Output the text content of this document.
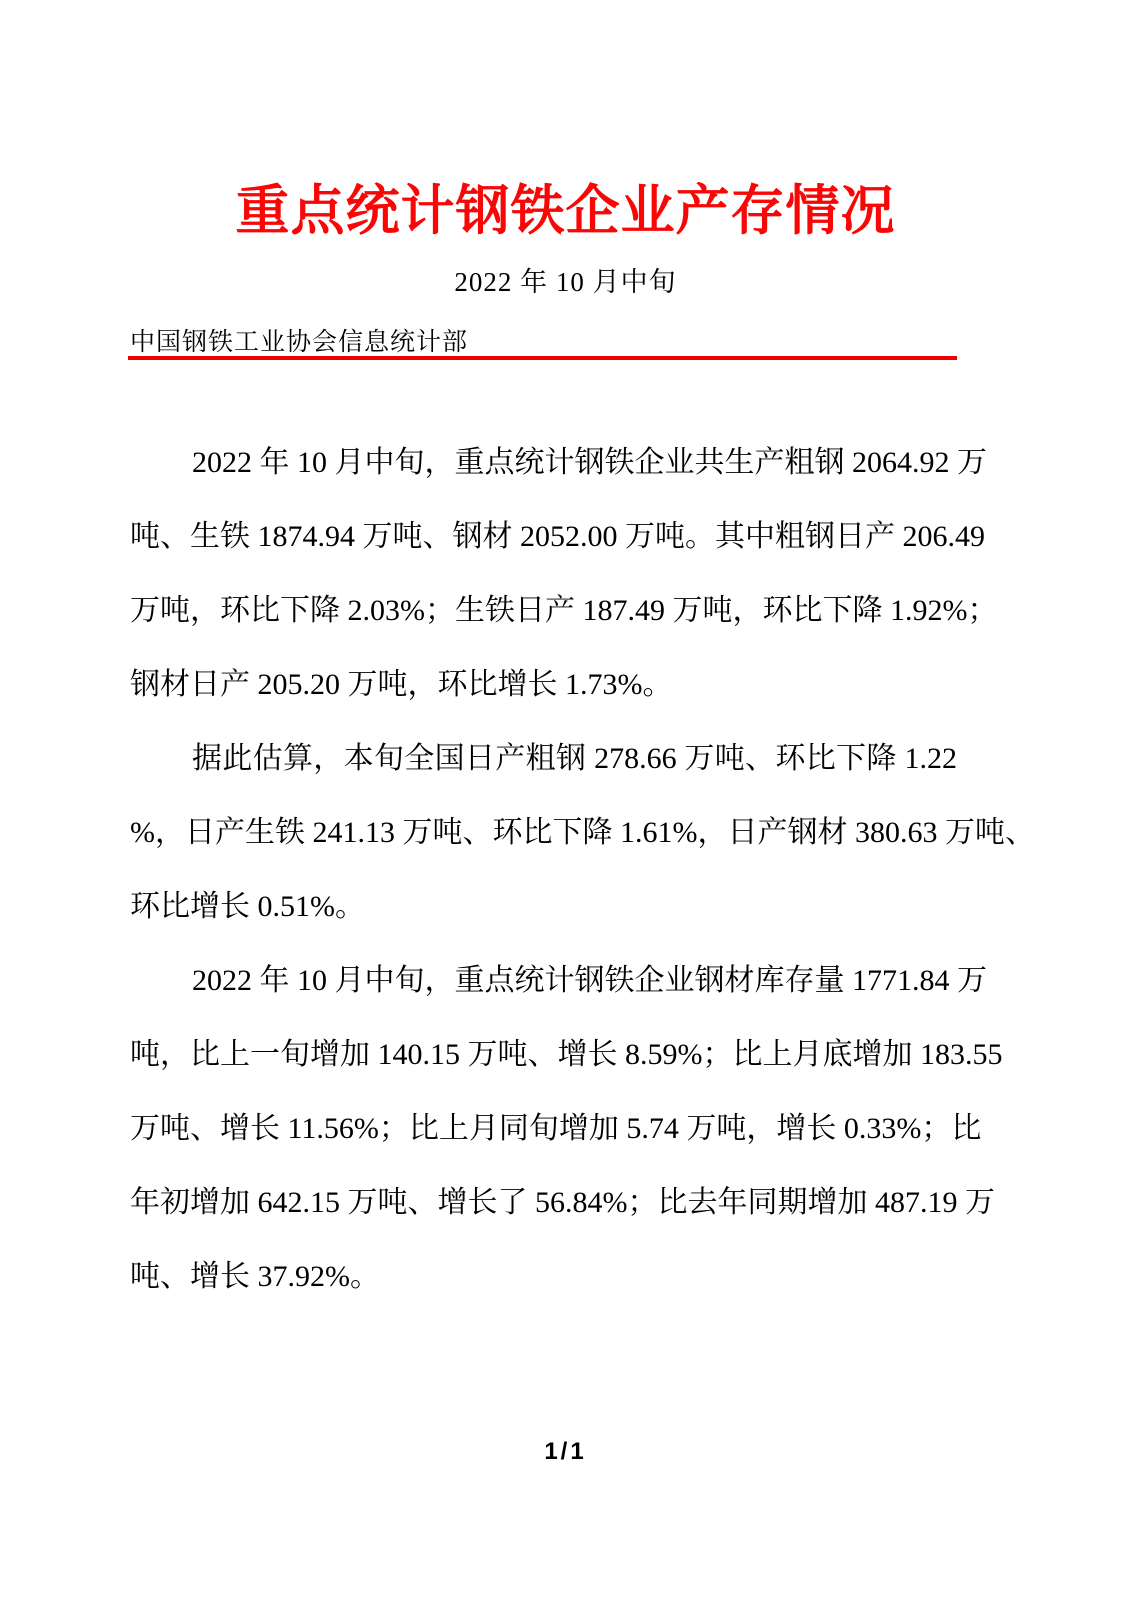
重点统计钢铁企业产存情况
2022 年 10 月中旬
中国钢铁工业协会信息统计部
2022 年 10 月中旬，重点统计钢铁企业共生产粗钢 2064.92 万
吨、生铁 1874.94 万吨、钢材 2052.00 万吨。其中粗钢日产 206.49
万吨，环比下降 2.03%；生铁日产 187.49 万吨，环比下降 1.92%；
钢材日产 205.20 万吨，环比增长 1.73%。
据此估算，本旬全国日产粗钢 278.66 万吨、环比下降 1.22
%，日产生铁 241.13 万吨、环比下降 1.61%，日产钢材 380.63 万吨、
环比增长 0.51%。
2022 年 10 月中旬，重点统计钢铁企业钢材库存量 1771.84 万
吨，比上一旬增加 140.15 万吨、增长 8.59%；比上月底增加 183.55
万吨、增长 11.56%；比上月同旬增加 5.74 万吨，增长 0.33%；比
年初增加 642.15 万吨、增长了 56.84%；比去年同期增加 487.19 万
吨、增长 37.92%。
1/1
